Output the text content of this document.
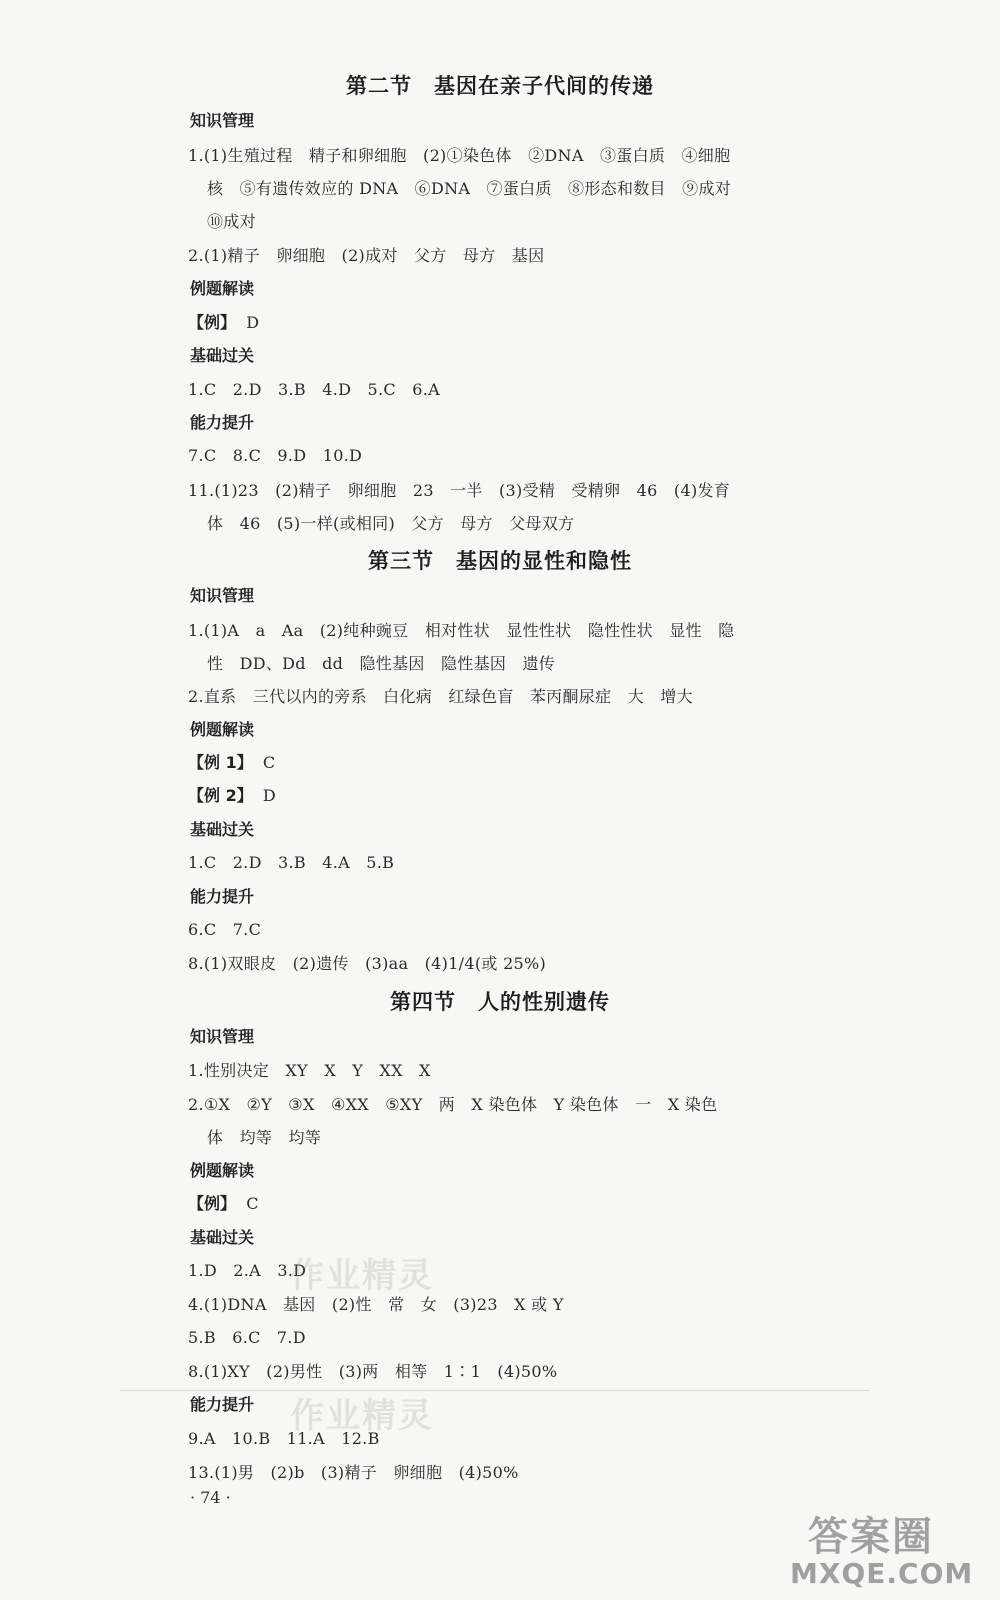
第二节　基因在亲子代间的传递
知识管理
1.(1)生殖过程　精子和卵细胞　(2)①染色体　②DNA　③蛋白质　④细胞
核　⑤有遗传效应的 DNA　⑥DNA　⑦蛋白质　⑧形态和数目　⑨成对
⑩成对
2.(1)精子　卵细胞　(2)成对　父方　母方　基因
例题解读
【例】 D
基础过关
1.C　2.D　3.B　4.D　5.C　6.A
能力提升
7.C　8.C　9.D　10.D
11.(1)23　(2)精子　卵细胞　23　一半　(3)受精　受精卵　46　(4)发育
体　46　(5)一样(或相同)　父方　母方　父母双方
第三节　基因的显性和隐性
知识管理
1.(1)A　a　Aa　(2)纯种豌豆　相对性状　显性性状　隐性性状　显性　隐
性　DD、Dd　dd　隐性基因　隐性基因　遗传
2.直系　三代以内的旁系　白化病　红绿色盲　苯丙酮尿症　大　增大
例题解读
【例 1】 C
【例 2】 D
基础过关
1.C　2.D　3.B　4.A　5.B
能力提升
6.C　7.C
8.(1)双眼皮　(2)遗传　(3)aa　(4)1/4(或 25%)
第四节　人的性别遗传
知识管理
1.性别决定　XY　X　Y　XX　X
2.①X　②Y　③X　④XX　⑤XY　两　X 染色体　Y 染色体　一　X 染色
体　均等　均等
例题解读
【例】 C
基础过关
1.D　2.A　3.D
4.(1)DNA　基因　(2)性　常　女　(3)23　X 或 Y
5.B　6.C　7.D
8.(1)XY　(2)男性　(3)两　相等　1∶1　(4)50%
能力提升
9.A　10.B　11.A　12.B
13.(1)男　(2)b　(3)精子　卵细胞　(4)50%
· 74 ·
作业精灵
作业精灵
答案圈
MXQE.COM
